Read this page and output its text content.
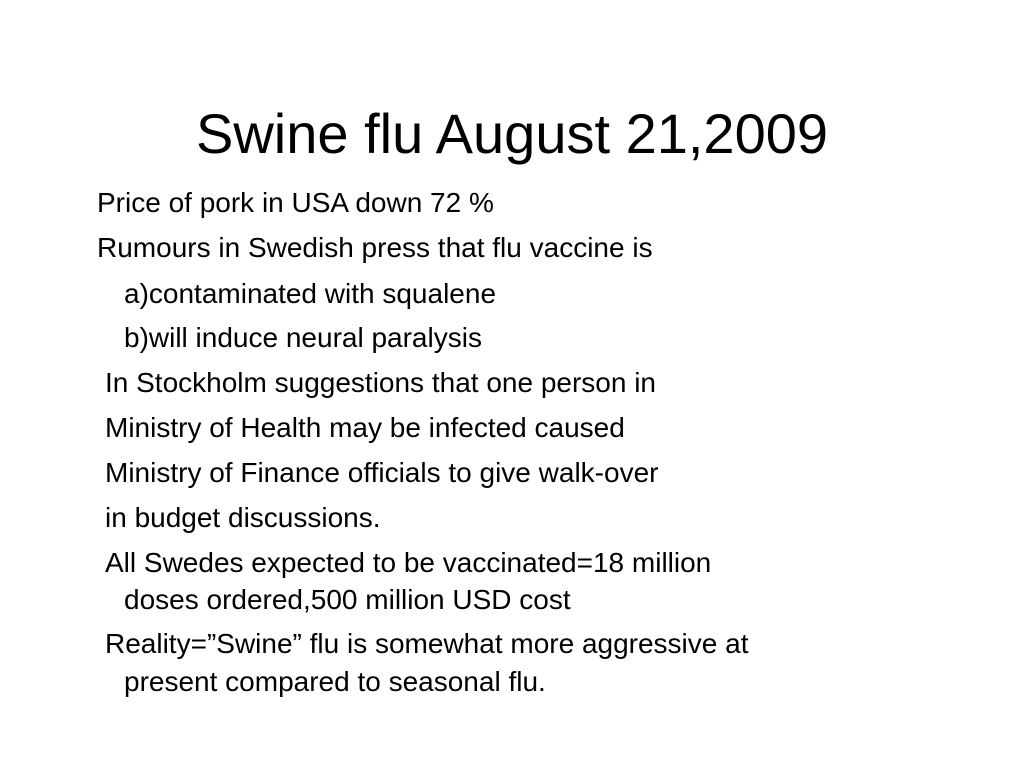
Swine flu August 21,2009

Price of pork in USA down 72 %

Rumours in Swedish press that flu vaccine is

a)contaminated with squalene

b)will induce neural paralysis

In Stockholm suggestions that one person in

Ministry of Health may be infected caused

Ministry of Finance officials to give walk-over

in budget discussions.

All Swedes expected to be vaccinated=18 million

doses ordered,500 million USD cost

Reality=”Swine” flu is somewhat more aggressive at

present compared to seasonal flu.
